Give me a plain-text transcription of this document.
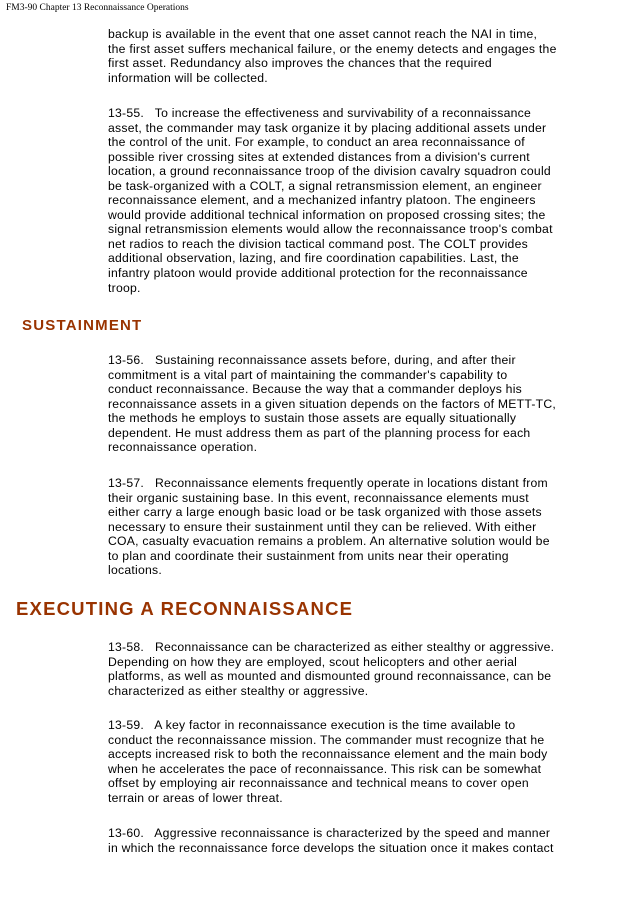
FM3-90 Chapter 13 Reconnaissance Operations
backup is available in the event that one asset cannot reach the NAI in time,
the first asset suffers mechanical failure, or the enemy detects and engages the
first asset. Redundancy also improves the chances that the required
information will be collected.
13-55.   To increase the effectiveness and survivability of a reconnaissance
asset, the commander may task organize it by placing additional assets under
the control of the unit. For example, to conduct an area reconnaissance of
possible river crossing sites at extended distances from a division's current
location, a ground reconnaissance troop of the division cavalry squadron could
be task-organized with a COLT, a signal retransmission element, an engineer
reconnaissance element, and a mechanized infantry platoon. The engineers
would provide additional technical information on proposed crossing sites; the
signal retransmission elements would allow the reconnaissance troop's combat
net radios to reach the division tactical command post. The COLT provides
additional observation, lazing, and fire coordination capabilities. Last, the
infantry platoon would provide additional protection for the reconnaissance
troop.
SUSTAINMENT
13-56.   Sustaining reconnaissance assets before, during, and after their
commitment is a vital part of maintaining the commander's capability to
conduct reconnaissance. Because the way that a commander deploys his
reconnaissance assets in a given situation depends on the factors of METT-TC,
the methods he employs to sustain those assets are equally situationally
dependent. He must address them as part of the planning process for each
reconnaissance operation.
13-57.   Reconnaissance elements frequently operate in locations distant from
their organic sustaining base. In this event, reconnaissance elements must
either carry a large enough basic load or be task organized with those assets
necessary to ensure their sustainment until they can be relieved. With either
COA, casualty evacuation remains a problem. An alternative solution would be
to plan and coordinate their sustainment from units near their operating
locations.
EXECUTING A RECONNAISSANCE
13-58.   Reconnaissance can be characterized as either stealthy or aggressive.
Depending on how they are employed, scout helicopters and other aerial
platforms, as well as mounted and dismounted ground reconnaissance, can be
characterized as either stealthy or aggressive.
13-59.   A key factor in reconnaissance execution is the time available to
conduct the reconnaissance mission. The commander must recognize that he
accepts increased risk to both the reconnaissance element and the main body
when he accelerates the pace of reconnaissance. This risk can be somewhat
offset by employing air reconnaissance and technical means to cover open
terrain or areas of lower threat.
13-60.   Aggressive reconnaissance is characterized by the speed and manner
in which the reconnaissance force develops the situation once it makes contact
